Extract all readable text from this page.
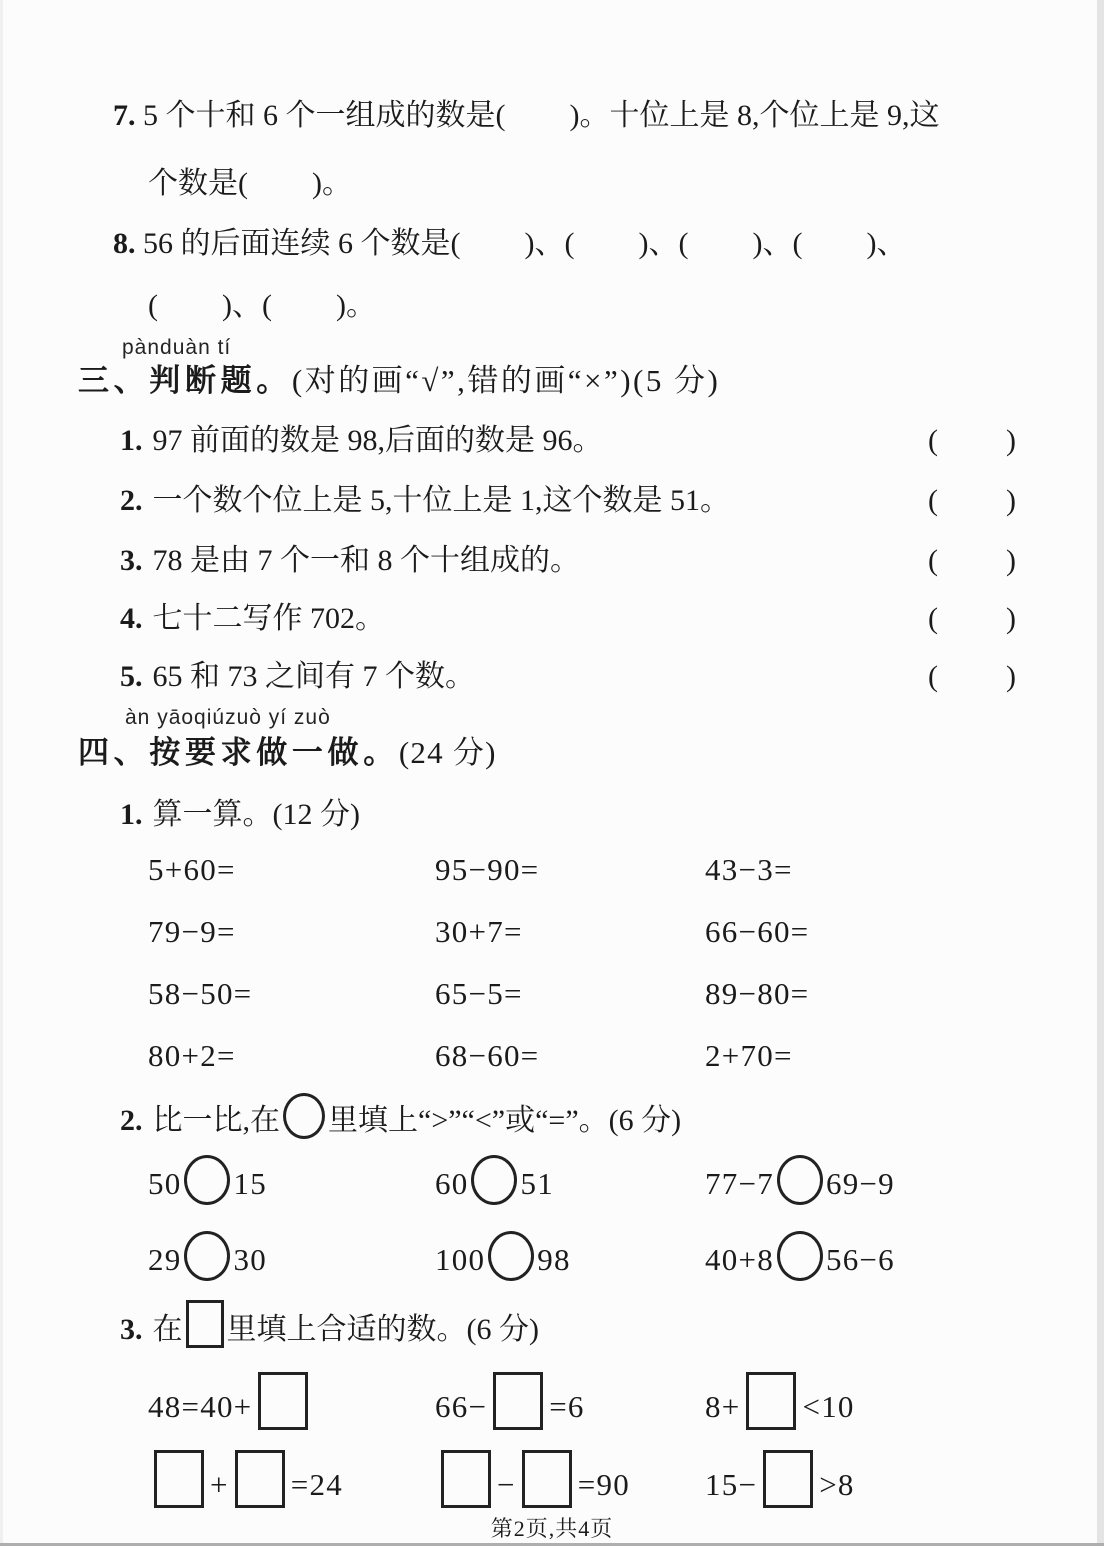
7. 5 个十和 6 个一组成的数是 ( ) 。十位上是 8,个位上是 9,这
个数是 ( ) 。
8. 56 的后面连续 6 个数是 ( ) 、 ( ) 、 ( ) 、 ( ) 、
( ) 、 ( ) 。
pànduàn tí
三、判断题。(对的画“√”,错的画“×”)(5 分)
1. 97 前面的数是 98,后面的数是 96。	( )
2. 一个数个位上是 5,十位上是 1,这个数是 51。	( )
3. 78 是由 7 个一和 8 个十组成的。	( )
4. 七十二写作 702。	( )
5. 65 和 73 之间有 7 个数。	( )
àn yāoqiúzuò yí zuò
四、按要求做一做。(24 分)
1. 算一算。(12 分)
5+60=	95−90=	43−3=
79−9=	30+7=	66−60=
58−50=	65−5=	89−80=
80+2=	68−60=	2+70=
2. 比一比,在 里填上“>”“<”或“=”。(6 分)
50 15	60 51	77−7 69−9
29 30	100 98	40+8 56−6
3. 在 里填上合适的数。(6 分)
48=40+	66− =6	8+ <10
+ =24	− =90	15− >8
第2页,共4页
